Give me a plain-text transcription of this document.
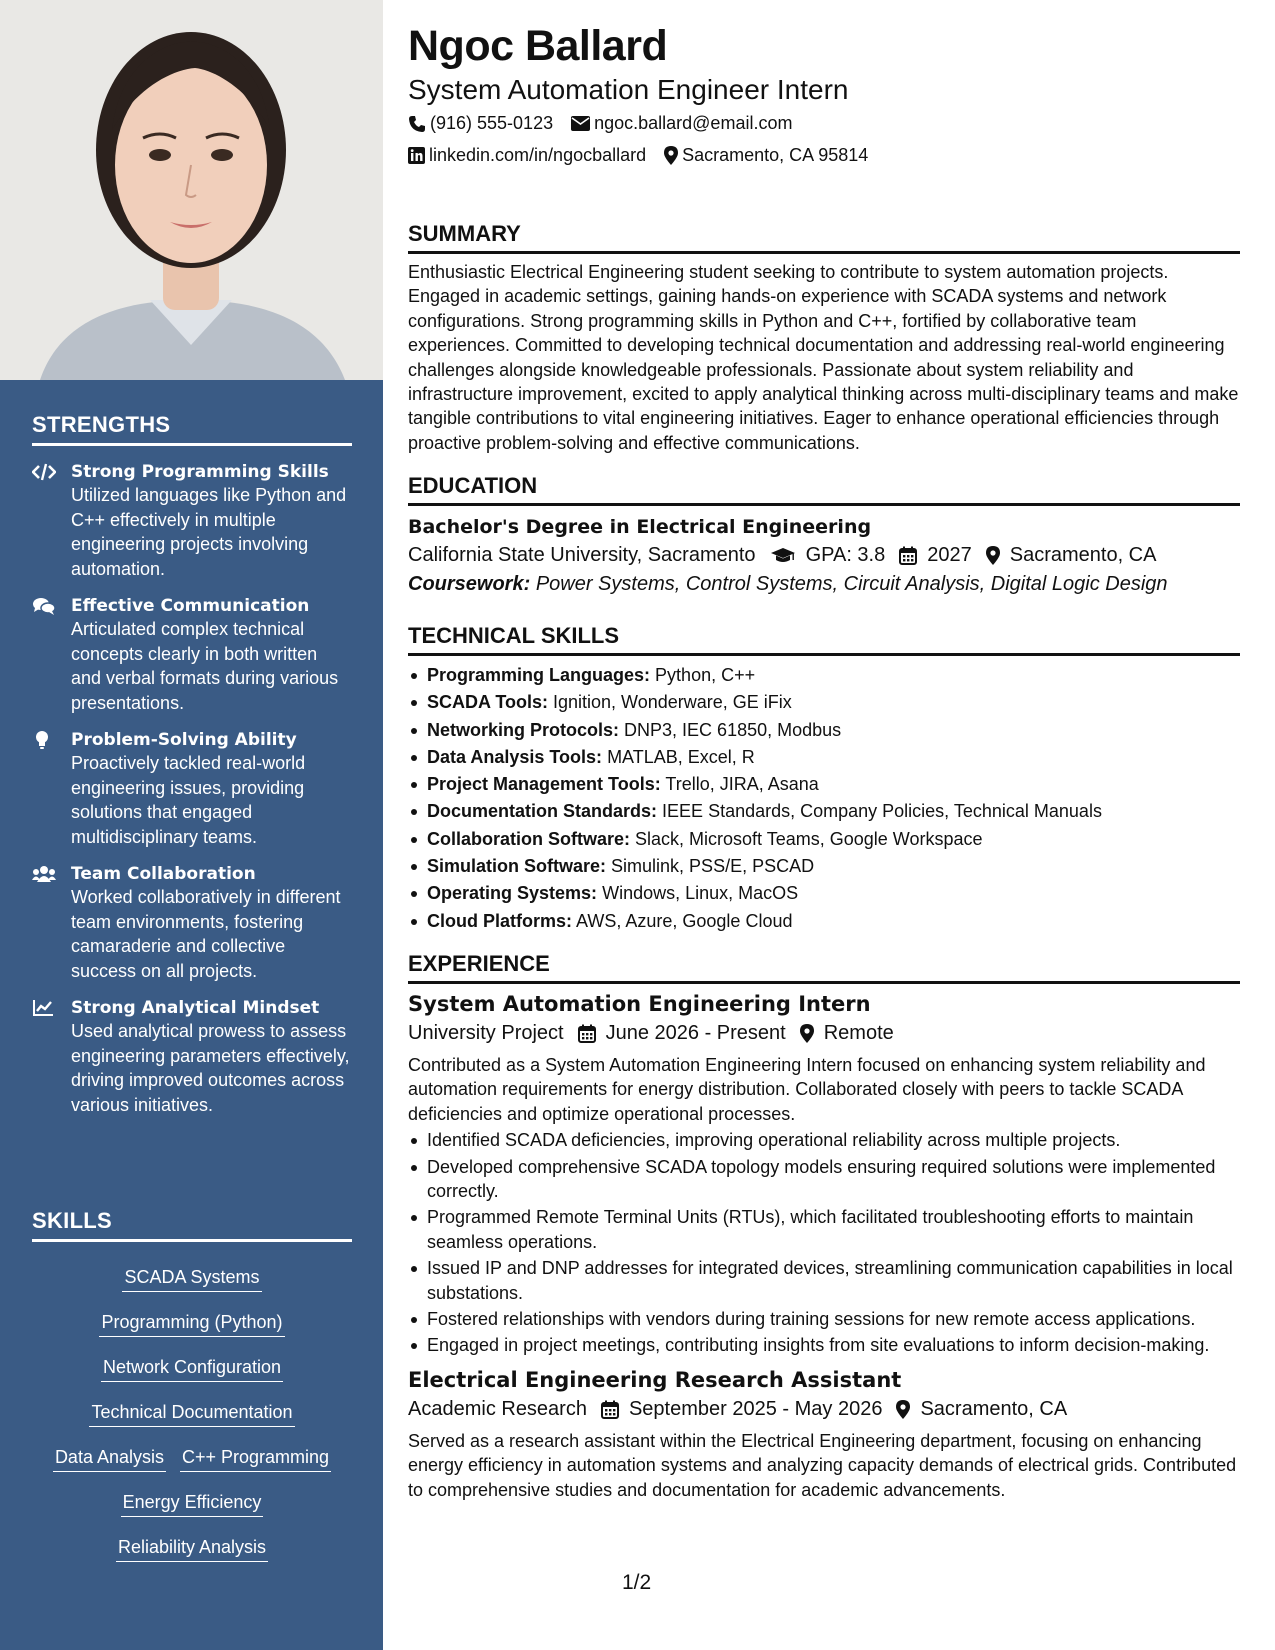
STRENGTHS
Strong Programming Skills
Utilized languages like Python and C++ effectively in multiple engineering projects involving automation.
Effective Communication
Articulated complex technical concepts clearly in both written and verbal formats during various presentations.
Problem-Solving Ability
Proactively tackled real-world engineering issues, providing solutions that engaged multidisciplinary teams.
Team Collaboration
Worked collaboratively in different team environments, fostering camaraderie and collective success on all projects.
Strong Analytical Mindset
Used analytical prowess to assess engineering parameters effectively, driving improved outcomes across various initiatives.
SKILLS
SCADA Systems
Programming (Python)
Network Configuration
Technical Documentation
Data Analysis C++ Programming
Energy Efficiency
Reliability Analysis
Ngoc Ballard
System Automation Engineer Intern
(916) 555-0123 ngoc.ballard@email.com
linkedin.com/in/ngocballard Sacramento, CA 95814
SUMMARY
Enthusiastic Electrical Engineering student seeking to contribute to system automation projects. Engaged in academic settings, gaining hands-on experience with SCADA systems and network configurations. Strong programming skills in Python and C++, fortified by collaborative team experiences. Committed to developing technical documentation and addressing real-world engineering challenges alongside knowledgeable professionals. Passionate about system reliability and infrastructure improvement, excited to apply analytical thinking across multi-disciplinary teams and make tangible contributions to vital engineering initiatives. Eager to enhance operational efficiencies through proactive problem-solving and effective communications.
EDUCATION
Bachelor's Degree in Electrical Engineering
California State University, Sacramento	GPA: 3.8 2027 Sacramento, CA
Coursework: Power Systems, Control Systems, Circuit Analysis, Digital Logic Design
TECHNICAL SKILLS
Programming Languages: Python, C++
SCADA Tools: Ignition, Wonderware, GE iFix
Networking Protocols: DNP3, IEC 61850, Modbus
Data Analysis Tools: MATLAB, Excel, R
Project Management Tools: Trello, JIRA, Asana
Documentation Standards: IEEE Standards, Company Policies, Technical Manuals
Collaboration Software: Slack, Microsoft Teams, Google Workspace
Simulation Software: Simulink, PSS/E, PSCAD
Operating Systems: Windows, Linux, MacOS
Cloud Platforms: AWS, Azure, Google Cloud
EXPERIENCE
System Automation Engineering Intern
University Project June 2026 - Present Remote
Contributed as a System Automation Engineering Intern focused on enhancing system reliability and automation requirements for energy distribution. Collaborated closely with peers to tackle SCADA deficiencies and optimize operational processes.
Identified SCADA deficiencies, improving operational reliability across multiple projects.
Developed comprehensive SCADA topology models ensuring required solutions were implemented correctly.
Programmed Remote Terminal Units (RTUs), which facilitated troubleshooting efforts to maintain seamless operations.
Issued IP and DNP addresses for integrated devices, streamlining communication capabilities in local substations.
Fostered relationships with vendors during training sessions for new remote access applications.
Engaged in project meetings, contributing insights from site evaluations to inform decision-making.
Electrical Engineering Research Assistant
Academic Research September 2025 - May 2026 Sacramento, CA
Served as a research assistant within the Electrical Engineering department, focusing on enhancing energy efficiency in automation systems and analyzing capacity demands of electrical grids. Contributed to comprehensive studies and documentation for academic advancements.
1/2
